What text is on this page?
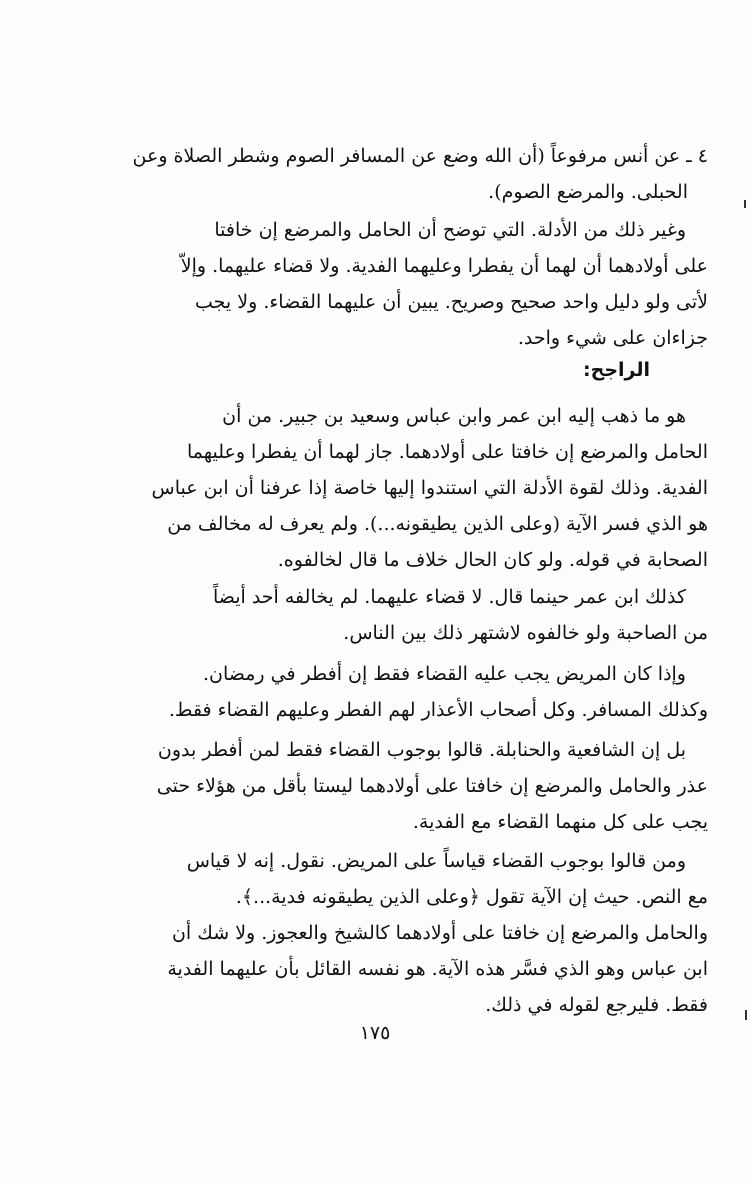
٤ ـ عن أنس مرفوعاً (أن الله وضع عن المسافر الصوم وشطر الصلاة وعن
الحبلى. والمرضع الصوم).
وغير ذلك من الأدلة. التي توضح أن الحامل والمرضع إن خافتا
على أولادهما أن لهما أن يفطرا وعليهما الفدية. ولا قضاء عليهما. وإلاّ
لأتى ولو دليل واحد صحيح وصريح. يبين أن عليهما القضاء. ولا يجب
جزاءان على شيء واحد.
الراجح:
هو ما ذهب إليه ابن عمر وابن عباس وسعيد بن جبير. من أن
الحامل والمرضع إن خافتا على أولادهما. جاز لهما أن يفطرا وعليهما
الفدية. وذلك لقوة الأدلة التي استندوا إليها خاصة إذا عرفنا أن ابن عباس
هو الذي فسر الآية (وعلى الذين يطيقونه...). ولم يعرف له مخالف من
الصحابة في قوله. ولو كان الحال خلاف ما قال لخالفوه.
كذلك ابن عمر حينما قال. لا قضاء عليهما. لم يخالفه أحد أيضاً
من الصاحبة ولو خالفوه لاشتهر ذلك بين الناس.
وإذا كان المريض يجب عليه القضاء فقط إن أفطر في رمضان.
وكذلك المسافر. وكل أصحاب الأعذار لهم الفطر وعليهم القضاء فقط.
بل إن الشافعية والحنابلة. قالوا بوجوب القضاء فقط لمن أفطر بدون
عذر والحامل والمرضع إن خافتا على أولادهما ليستا بأقل من هؤلاء حتى
يجب على كل منهما القضاء مع الفدية.
ومن قالوا بوجوب القضاء قياساً على المريض. نقول. إنه لا قياس
مع النص. حيث إن الآية تقول ﴿وعلى الذين يطيقونه فدية...﴾.
والحامل والمرضع إن خافتا على أولادهما كالشيخ والعجوز. ولا شك أن
ابن عباس وهو الذي فسَّر هذه الآية. هو نفسه القائل بأن عليهما الفدية
فقط. فليرجع لقوله في ذلك.
١٧٥
